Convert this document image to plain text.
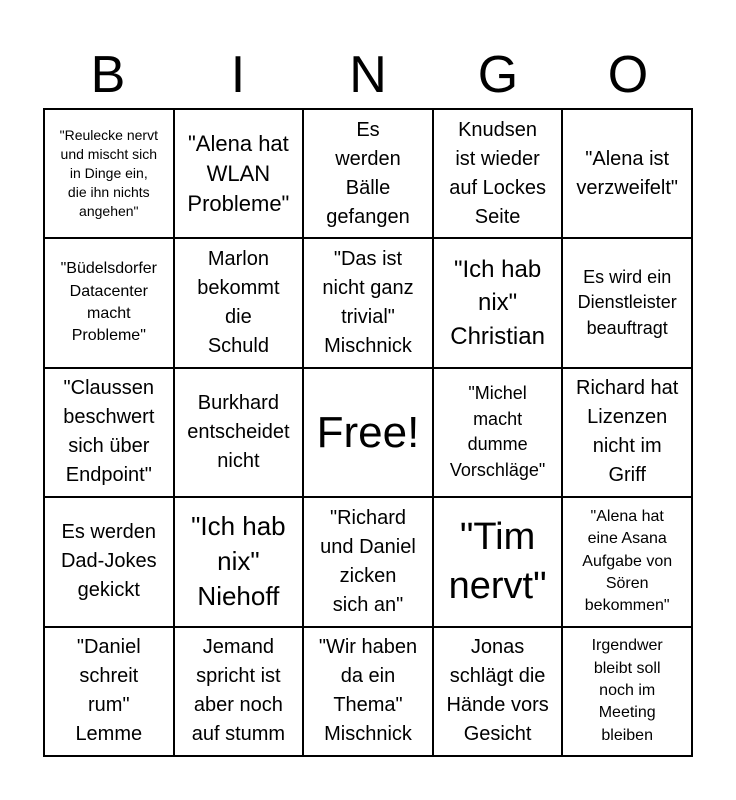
B	I	N	G	O
"Reulecke nervt
und mischt sich
in Dinge ein,
die ihn nichts
angehen"
"Alena hat
WLAN
Probleme"
Es
werden
Bälle
gefangen
Knudsen
ist wieder
auf Lockes
Seite
"Alena ist
verzweifelt"
"Büdelsdorfer
Datacenter
macht
Probleme"
Marlon
bekommt
die
Schuld
"Das ist
nicht ganz
trivial"
Mischnick
"Ich hab
nix"
Christian
Es wird ein
Dienstleister
beauftragt
"Claussen
beschwert
sich über
Endpoint"
Burkhard
entscheidet
nicht
Free!
"Michel
macht
dumme
Vorschläge"
Richard hat
Lizenzen
nicht im
Griff
Es werden
Dad-Jokes
gekickt
"Ich hab
nix"
Niehoff
"Richard
und Daniel
zicken
sich an"
"Tim
nervt"
"Alena hat
eine Asana
Aufgabe von
Sören
bekommen"
"Daniel
schreit
rum"
Lemme
Jemand
spricht ist
aber noch
auf stumm
"Wir haben
da ein
Thema"
Mischnick
Jonas
schlägt die
Hände vors
Gesicht
Irgendwer
bleibt soll
noch im
Meeting
bleiben
